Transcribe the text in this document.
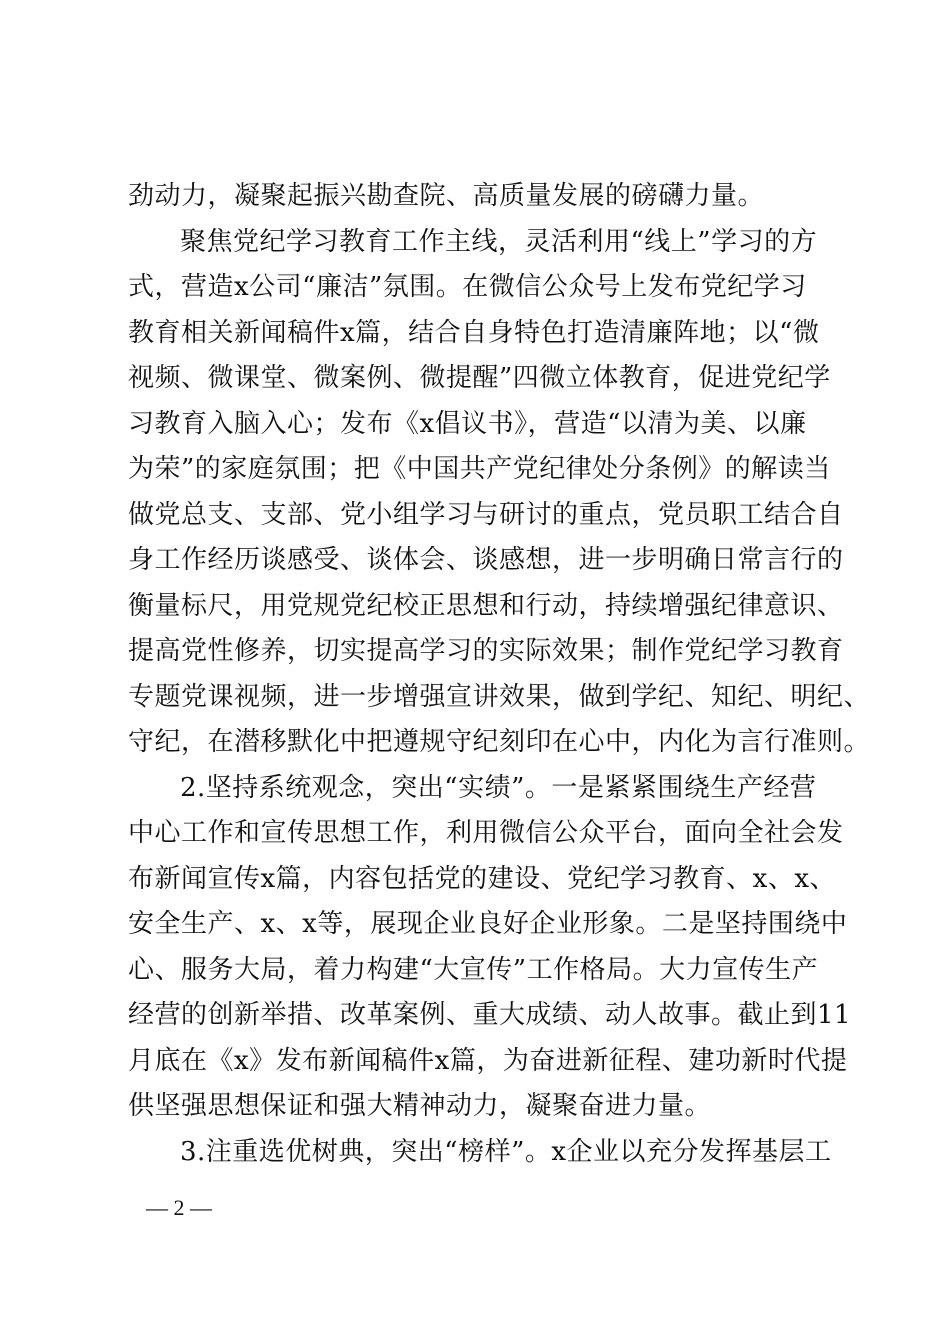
劲动力，凝聚起振兴勘查院、高质量发展的磅礴力量。
聚焦党纪学习教育工作主线，灵活利用“线上”学习的方
式，营造x公司“廉洁”氛围。在微信公众号上发布党纪学习
教育相关新闻稿件x篇，结合自身特色打造清廉阵地；以“微
视频、微课堂、微案例、微提醒”四微立体教育，促进党纪学
习教育入脑入心；发布《x倡议书》，营造“以清为美、以廉
为荣”的家庭氛围；把《中国共产党纪律处分条例》的解读当
做党总支、支部、党小组学习与研讨的重点，党员职工结合自
身工作经历谈感受、谈体会、谈感想，进一步明确日常言行的
衡量标尺，用党规党纪校正思想和行动，持续增强纪律意识、
提高党性修养，切实提高学习的实际效果；制作党纪学习教育
专题党课视频，进一步增强宣讲效果，做到学纪、知纪、明纪、
守纪，在潜移默化中把遵规守纪刻印在心中，内化为言行准则。
2.坚持系统观念，突出“实绩”。一是紧紧围绕生产经营
中心工作和宣传思想工作，利用微信公众平台，面向全社会发
布新闻宣传x篇，内容包括党的建设、党纪学习教育、x、x、
安全生产、x、x等，展现企业良好企业形象。二是坚持围绕中
心、服务大局，着力构建“大宣传”工作格局。大力宣传生产
经营的创新举措、改革案例、重大成绩、动人故事。截止到11
月底在《x》发布新闻稿件x篇，为奋进新征程、建功新时代提
供坚强思想保证和强大精神动力，凝聚奋进力量。
3.注重选优树典，突出“榜样”。x企业以充分发挥基层工
— 2 —
